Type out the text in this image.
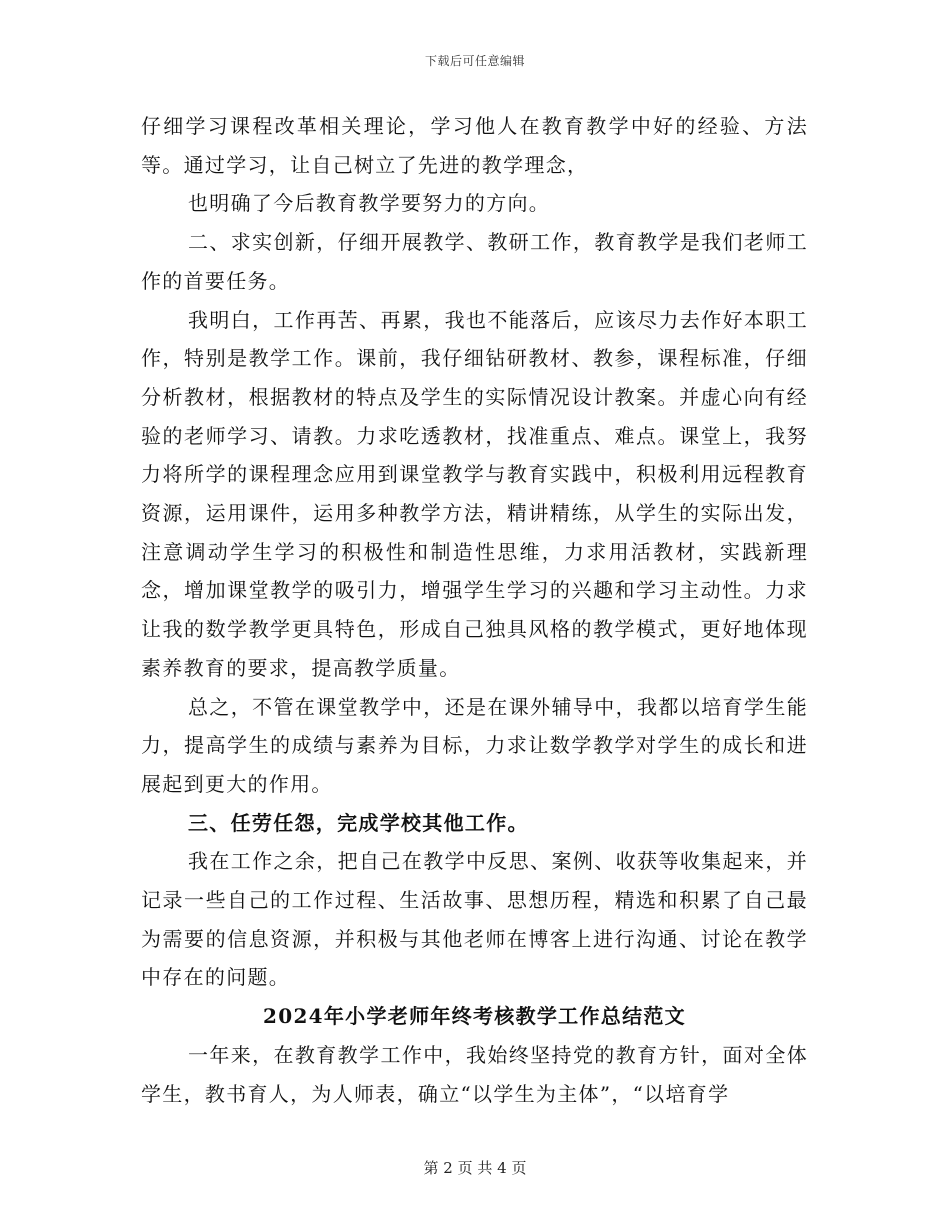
下载后可任意编辑

仔细学习课程改革相关理论，学习他人在教育教学中好的经验、方法等。通过学习，让自己树立了先进的教学理念，

也明确了今后教育教学要努力的方向。

二、求实创新，仔细开展教学、教研工作，教育教学是我们老师工作的首要任务。

我明白，工作再苦、再累，我也不能落后，应该尽力去作好本职工作，特别是教学工作。课前，我仔细钻研教材、教参，课程标准，仔细分析教材，根据教材的特点及学生的实际情况设计教案。并虚心向有经验的老师学习、请教。力求吃透教材，找准重点、难点。课堂上，我努力将所学的课程理念应用到课堂教学与教育实践中，积极利用远程教育资源，运用课件，运用多种教学方法，精讲精练，从学生的实际出发，注意调动学生学习的积极性和制造性思维，力求用活教材，实践新理念，增加课堂教学的吸引力，增强学生学习的兴趣和学习主动性。力求让我的数学教学更具特色，形成自己独具风格的教学模式，更好地体现素养教育的要求，提高教学质量。

总之，不管在课堂教学中，还是在课外辅导中，我都以培育学生能力，提高学生的成绩与素养为目标，力求让数学教学对学生的成长和进展起到更大的作用。

三、任劳任怨，完成学校其他工作。

我在工作之余，把自己在教学中反思、案例、收获等收集起来，并记录一些自己的工作过程、生活故事、思想历程，精选和积累了自己最为需要的信息资源，并积极与其他老师在博客上进行沟通、讨论在教学中存在的问题。

2024年小学老师年终考核教学工作总结范文

一年来，在教育教学工作中，我始终坚持党的教育方针，面对全体学生，教书育人，为人师表，确立“以学生为主体”，“以培育学

第 2 页 共 4 页
